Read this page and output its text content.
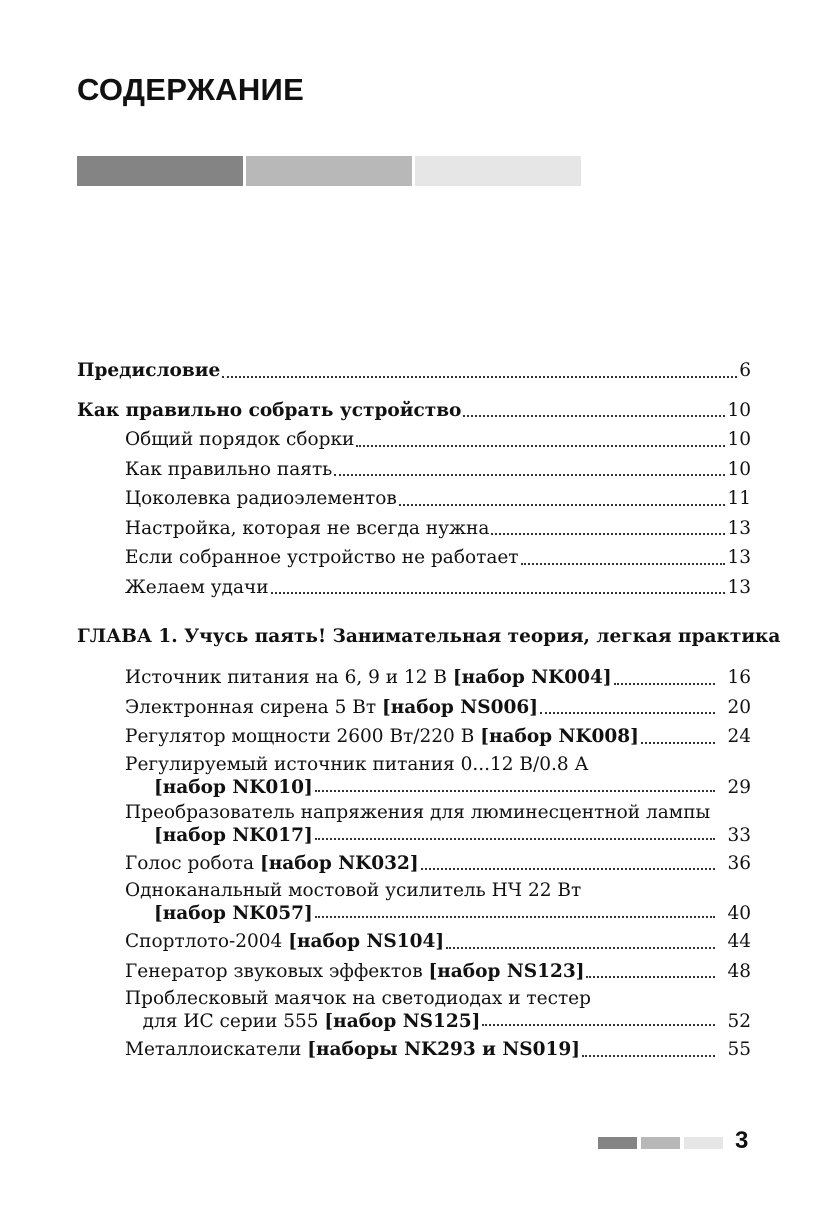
СОДЕРЖАНИЕ
Предисловие	6
Как правильно собрать устройство	10
Общий порядок сборки	10
Как правильно паять	10
Цоколевка радиоэлементов	11
Настройка, которая не всегда нужна	13
Если собранное устройство не работает	13
Желаем удачи	13
ГЛАВА 1. Учусь паять! Занимательная теория, легкая практика
Источник питания на 6, 9 и 12 В [набор NK004]	16
Электронная сирена 5 Вт [набор NS006]	20
Регулятор мощности 2600 Вт/220 В [набор NK008]	24
Регулируемый источник питания 0...12 В/0.8 А
[набор NK010]	29
Преобразователь напряжения для люминесцентной лампы
[набор NK017]	33
Голос робота [набор NK032]	36
Одноканальный мостовой усилитель НЧ 22 Вт
[набор NK057]	40
Спортлото-2004 [набор NS104]	44
Генератор звуковых эффектов [набор NS123]	48
Проблесковый маячок на светодиодах и тестер
для ИС серии 555 [набор NS125]	52
Металлоискатели [наборы NK293 и NS019]	55
3
